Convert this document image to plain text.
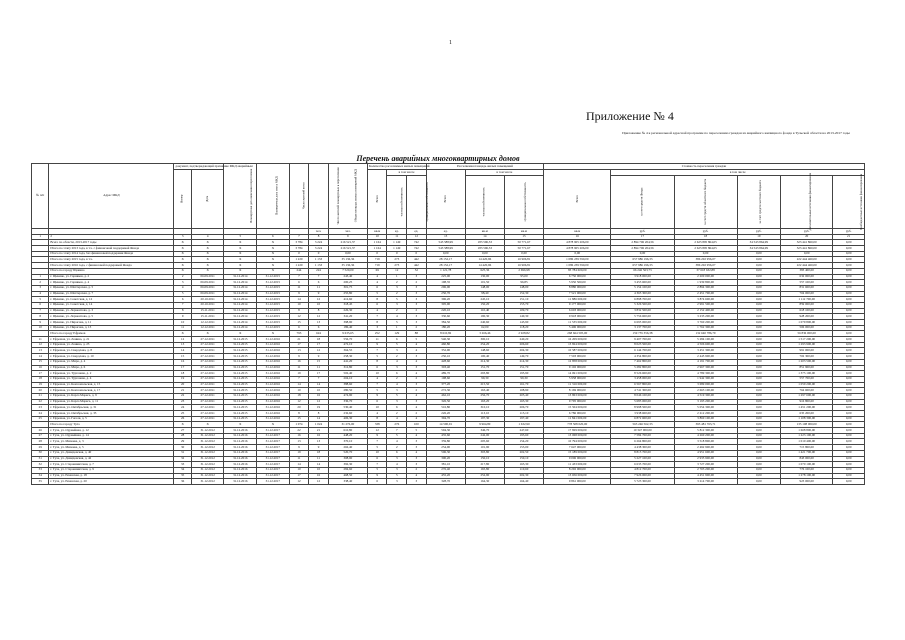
1
Приложение № 4
Приложение № 4 к региональной адресной программе по переселению граждан из аварийного жилищного фонда в Тульской области на 2013-2017 годы
Перечень аварийных многоквартирных домов
№ п/п	Адрес МКД	документ, подтверждающий признание МКД аварийным		Планируемая дата окончания переселения	Планируемая дата сноса МКД	Число жителей всего	Число жителей планируемых к переселению	Общая площадь жилых помещений МКД	Количество расселяемых жилых помещений			Расселяемая площадь жилых помещений			Стоимость переселения граждан					
		Номер	Дата						Всего	в том числе		Всего	в том числе		Всего	в том числе				
										частная собственность	муниципальная собственность		частная собственность	муниципальная собственность		за счет средств Фонда	за счет средств областного бюджета	за счет средств местного бюджета	дополнительные источники финансирования	Внебюджетные источники финансирования
							чел.	чел.	кв.м	ед.	ед.	ед.	кв.м	кв.м	кв.м	руб.	руб.	руб.	руб.	руб.
1	2	3	4	5	6	7	8	9	10	11	12	13	14	15	16	17	18	19	20	21
	Всего по области, 2013-2017 годы	X	X	X	X	3 784	3 224	216 521,37	1 164	1 149	742	543 588,99	183 596,33	50 771,67	4 878 905 206,00	2 894 706 204,56	2 625 895 864,05	34 543 864,99	323 441 860,00	0,00
	Итого по этапу 2013 года, в т.ч. с финансовой поддержкой Фонда	X	X	X	X	3 784	3 224	216 521,37	1 164	1 149	742	543 588,99	183 596,33	50 771,67	4 878 905 206,00	2 894 706 204,56	2 625 895 864,05	34 543 864,99	323 441 860,00	0,00
	Итого по этапу 2014 года, без финансовой поддержки Фонда	X	X	X	X	0	0	0,00	0	0	0	0,00	0,00	0,00	0,00	0,00	0,00	0,00	0,00	0,00
	Итого по этапу 2015 года, в т.ч.	X	X	X	X	1 220	1 133	35 136,36	719	273	442	28 152,17	14 420,96	16 906,81	1 086 239 590,00	657 986 196,33	386 202 956,07	0,00	222 444 460,00	0,00
	Итого по этапу 2016 года, с финансовой поддержкой Фонда	X	X	X	X	1 220	1 133	35 136,36	719	273	442	28 152,17	14 420,96	16 906,81	1 086 239 590,00	657 986 196,33	386 202 956,07	0,00	222 444 460,00	0,00
	Итого по городу Щекино	X	X	X	X	244	224	7 520,00	69	12	52	1 121,78	625,36	2 696,98	83 784 600,00	66 246 563,73	37 618 632,88	0,00	383 400,00	0,00
1	г. Щекино, ул. Горняков, д. 2	2	06.09.2011	31.12.2014	31.12.2015	7	7	243,40	4	1	3	225,00	130,00	95,00	6 750 000,00	3 918 000,00	2 200 000,00	0,00	632 000,00	0,00
2	г. Щекино, ул. Горняков, д. 4	3	06.09.2011	31.12.2014	31.12.2015	6	6	200,25	4	2	2	198,35	101,50	96,85	5 950 500,00	3 453 600,00	1 939 800,00	0,00	557 100,00	0,00
3	г. Щекино, ул. Шахтерская, д. 5	4	06.09.2011	31.12.2014	31.12.2015	11	11	301,75	6	3	3	296,00	148,00	148,00	8 880 000,00	5 154 100,00	2 894 300,00	0,00	831 600,00	0,00
4	г. Щекино, ул. Шахтерская, д. 7	5	06.09.2011	31.12.2014	31.12.2015	9	9	255,80	5	2	3	250,70	98,40	152,30	7 521 000,00	4 365 300,00	2 451 700,00	0,00	704 000,00	0,00
5	г. Щекино, ул. Советская, д. 12	6	20.10.2011	31.12.2014	31.12.2015	14	12	412,60	8	5	3	396,20	245,10	151,10	11 886 000,00	6 898 700,00	3 874 600,00	0,00	1 112 700,00	0,00
6	г. Щекино, ул. Советская, д. 14	7	20.10.2011	31.12.2014	31.12.2015	10	10	318,45	6	3	3	305,90	150,20	155,70	9 177 000,00	5 326 500,00	2 991 500,00	0,00	859 000,00	0,00
7	г. Щекино, ул. Лермонтова, д. 3	8	15.11.2011	31.12.2014	31.12.2015	8	8	226,30	4	2	2	220,10	110,40	109,70	6 603 000,00	3 832 500,00	2 152 400,00	0,00	618 100,00	0,00
8	г. Щекино, ул. Лермонтова, д. 5	9	15.11.2011	31.12.2014	31.12.2015	12	12	341,20	7	4	3	330,60	190,30	140,30	9 918 000,00	5 756 600,00	3 233 200,00	0,00	928 200,00	0,00
9	г. Щекино, ул. Пирогова, д. 11	10	12.12.2011	31.12.2014	31.12.2015	15	13	398,90	8	5	3	384,50	240,60	143,90	11 535 000,00	6 695 000,00	3 760 200,00	0,00	1 079 800,00	0,00
10	г. Щекино, ул. Пирогова, д. 13	11	12.12.2011	31.12.2014	31.12.2015	6	6	186,40	3	1	2	180,20	62,00	118,20	5 406 000,00	3 137 700,00	1 762 300,00	0,00	506 000,00	0,00
	Итого по городу Ефремов	X	X	X	X	793	624	9 635,65	252	129	88	8 610,82	3 266,46	2 928,82	268 664 505,00	159 755 356,38	132 640 786,79	0,00	56 836 000,00	0,00
11	г. Ефремов, ул. Ленина, д. 21	12	27.12.2011	31.12.2015	31.12.2016	21	18	556,70	11	6	5	540,30	300,10	240,20	16 209 000,00	9 407 700,00	5 284 100,00	0,00	1 517 200,00	0,00
12	г. Ефремов, ул. Ленина, д. 23	13	27.12.2011	31.12.2015	31.12.2016	17	17	472,10	9	5	4	460,80	254,20	206,60	13 824 000,00	8 023 500,00	4 506 600,00	0,00	1 293 900,00	0,00
13	г. Ефремов, ул. Свердлова, д. 8	14	27.12.2011	31.12.2015	31.12.2016	13	12	364,55	7	3	4	352,90	148,60	204,30	10 587 000,00	6 144 700,00	3 451 300,00	0,00	991 000,00	0,00
14	г. Ефремов, ул. Свердлова, д. 10	15	27.12.2011	31.12.2015	31.12.2016	9	9	258,30	5	2	3	250,10	100,40	149,70	7 503 000,00	4 354 800,00	2 445 900,00	0,00	702 300,00	0,00
15	г. Ефремов, ул. Мира, д. 4	16	27.12.2011	31.12.2015	31.12.2016	16	15	441,20	8	4	4	428,60	214,30	214,30	12 858 000,00	7 462 800,00	4 191 700,00	0,00	1 203 500,00	0,00
16	г. Ефремов, ул. Мира, д. 6	17	27.12.2011	31.12.2015	31.12.2016	11	11	312,80	6	3	3	303,40	151,70	151,70	9 102 000,00	5 282 800,00	2 967 300,00	0,00	851 900,00	0,00
17	г. Ефремов, ул. Тургенева, д. 2	18	27.12.2011	31.12.2015	31.12.2016	19	17	502,40	10	6	4	489,70	293,80	195,90	14 691 000,00	8 526 600,00	4 789 300,00	0,00	1 375 100,00	0,00
18	г. Ефремов, ул. Тургенева, д. 4	19	27.12.2011	31.12.2015	31.12.2016	7	7	204,10	4	2	2	198,60	99,30	99,30	5 958 000,00	3 458 000,00	1 942 300,00	0,00	557 700,00	0,00
19	г. Ефремов, ул. Комсомольская, д. 15	20	27.12.2011	31.12.2015	31.12.2016	14	14	388,60	7	4	3	377,20	215,50	161,70	11 316 000,00	6 567 800,00	3 689 000,00	0,00	1 059 200,00	0,00
20	г. Ефремов, ул. Комсомольская, д. 17	21	27.12.2011	31.12.2015	31.12.2016	10	10	280,50	5	3	2	272,30	163,40	108,90	8 169 000,00	4 741 300,00	2 663 100,00	0,00	764 600,00	0,00
21	г. Ефремов, ул. Карла Маркса, д. 9	22	27.12.2011	31.12.2015	31.12.2016	18	16	474,90	9	5	4	462,10	256,70	205,40	13 863 000,00	8 046 100,00	4 519 300,00	0,00	1 297 600,00	0,00
22	г. Ефремов, ул. Карла Маркса, д. 11	23	27.12.2011	31.12.2015	31.12.2016	12	12	336,70	6	3	3	326,50	163,20	163,30	9 795 000,00	5 685 000,00	3 193 200,00	0,00	916 800,00	0,00
23	г. Ефремов, ул. Октябрьская, д. 31	24	27.12.2011	31.12.2015	31.12.2016	20	19	530,40	10	6	4	516,80	310,10	206,70	15 504 000,00	8 998 500,00	5 054 300,00	0,00	1 451 200,00	0,00
24	г. Ефремов, ул. Октябрьская, д. 33	25	27.12.2011	31.12.2015	31.12.2016	8	8	232,60	4	2	2	226,20	113,10	113,10	6 786 000,00	3 938 600,00	2 212 200,00	0,00	635 200,00	0,00
25	г. Ефремов, ул. Гоголя, д. 5	26	27.12.2011	31.12.2015	31.12.2016	15	14	406,30	8	4	4	394,70	197,30	197,40	11 841 000,00	6 872 600,00	3 860 100,00	0,00	1 108 300,00	0,00
	Итого по городу Тула	X	X	X	X	1 074	1 024	31 276,00	338	276	100	14 590,91	9 964,80	1 632,90	778 508 020,00	563 246 562,33	393 481 763,71	0,00	135 108 000,00	0,00
26	г. Тула, ул. Оружейная, д. 12	27	31.12.2012	31.12.2016	31.12.2017	22	21	610,80	12	7	5	594,30	346,70	247,60	17 829 000,00	10 347 900,00	5 812 300,00	0,00	1 668 800,00	0,00
27	г. Тула, ул. Оружейная, д. 14	28	31.12.2012	31.12.2016	31.12.2017	16	16	448,20	9	5	4	435,60	242,00	193,60	13 068 000,00	7 584 700,00	4 260 200,00	0,00	1 223 100,00	0,00
28	г. Тула, ул. Михеева, д. 3	29	31.12.2012	31.12.2016	31.12.2017	13	13	370,10	7	4	3	359,80	205,60	154,20	10 794 000,00	6 264 800,00	3 518 800,00	0,00	1 010 400,00	0,00
29	г. Тула, ул. Михеева, д. 5	30	31.12.2012	31.12.2016	31.12.2017	9	9	262,40	5	2	3	254,90	101,90	153,00	7 647 000,00	4 438 300,00	2 492 900,00	0,00	715 800,00	0,00
30	г. Тула, ул. Демидовская, д. 40	31	31.12.2012	31.12.2016	31.12.2017	19	18	520,70	10	6	4	506,30	303,80	202,50	15 189 000,00	8 815 700,00	4 951 600,00	0,00	1 421 700,00	0,00
31	г. Тула, ул. Демидовская, д. 42	32	31.12.2012	31.12.2016	31.12.2017	11	11	308,90	6	3	3	300,20	150,10	150,10	9 006 000,00	5 227 100,00	2 935 900,00	0,00	843 000,00	0,00
32	г. Тула, ул. Староникитская, д. 7	33	31.12.2012	31.12.2016	31.12.2017	14	14	392,30	7	4	3	381,10	217,80	163,30	11 433 000,00	6 635 700,00	3 727 200,00	0,00	1 070 100,00	0,00
33	г. Тула, ул. Староникитская, д. 9	34	31.12.2012	31.12.2016	31.12.2017	10	10	284,60	5	3	2	276,40	165,80	110,60	8 292 000,00	4 812 700,00	2 703 200,00	0,00	776 100,00	0,00
34	г. Тула, ул. Рязанская, д. 18	35	31.12.2012	31.12.2016	31.12.2017	17	16	468,50	9	5	4	455,20	252,90	202,30	13 656 000,00	7 926 000,00	4 451 900,00	0,00	1 278 100,00	0,00
35	г. Тула, ул. Рязанская, д. 20	36	31.12.2012	31.12.2016	31.12.2017	12	12	338,40	6	3	3	328,70	164,30	164,40	9 861 000,00	5 723 300,00	3 214 700,00	0,00	923 000,00	0,00
